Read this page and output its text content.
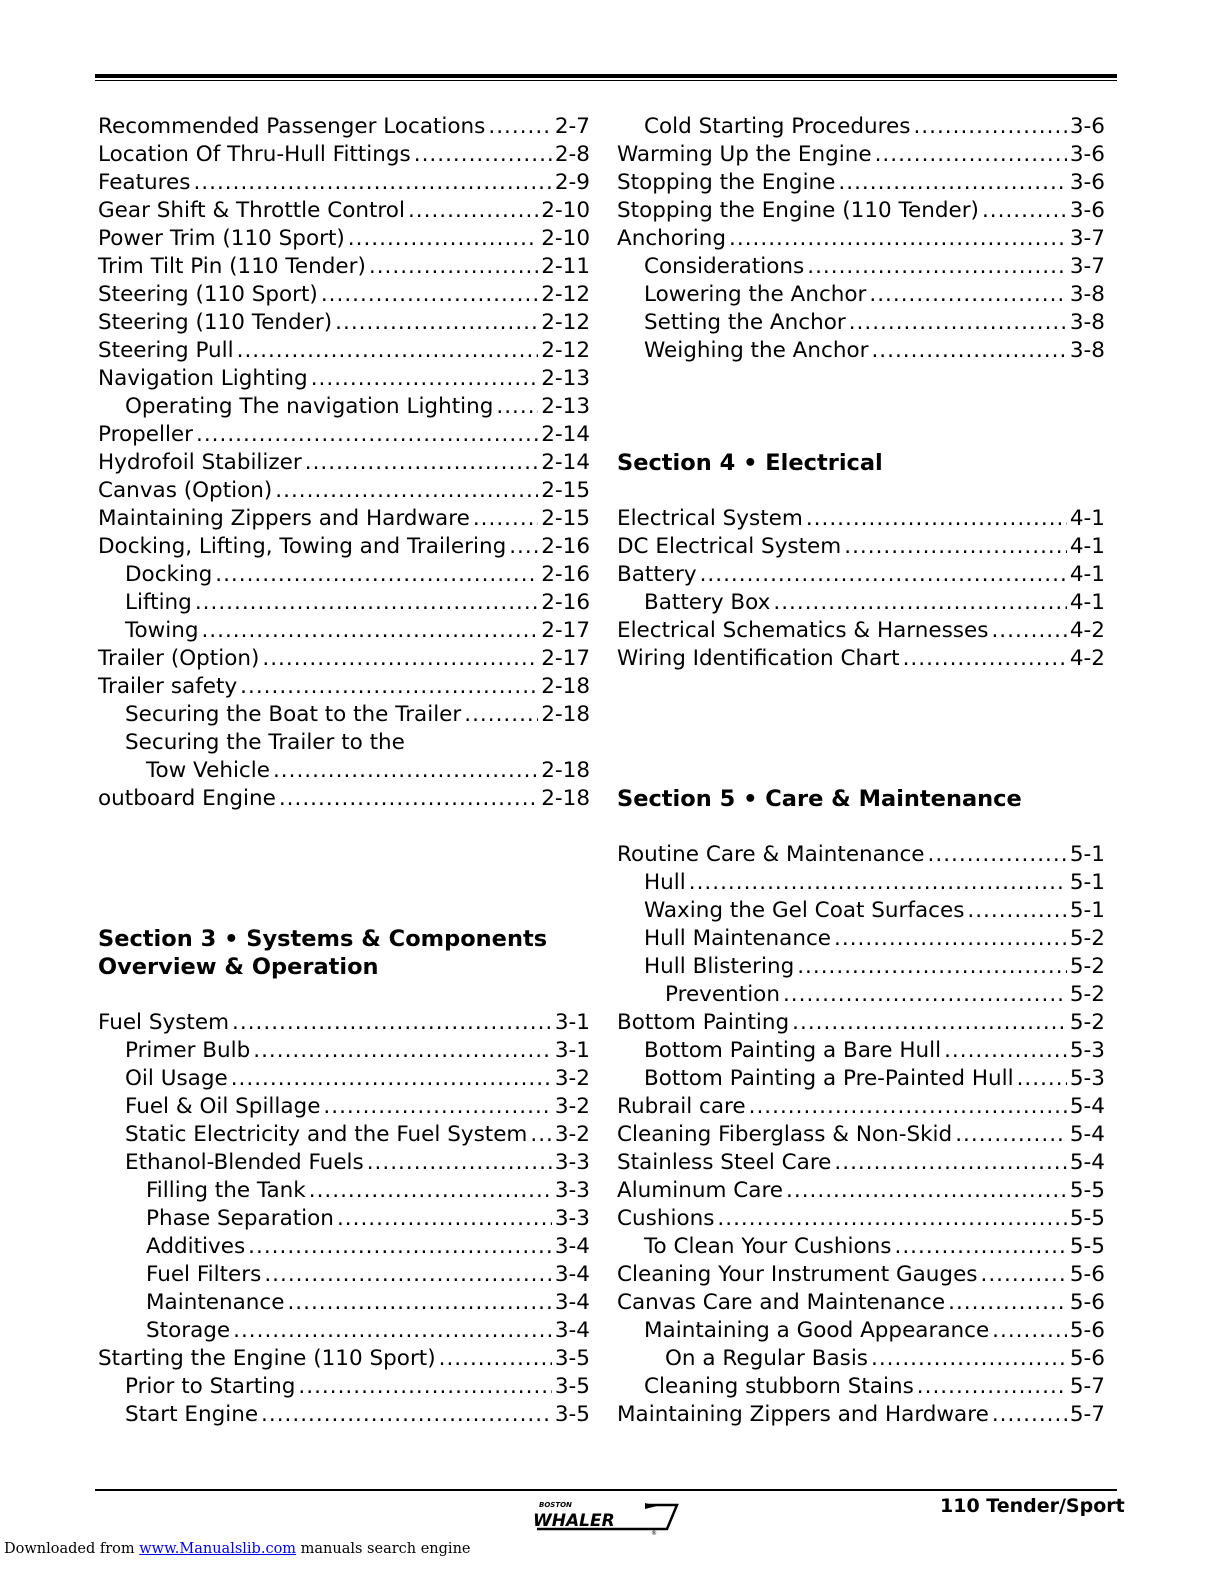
Recommended Passenger Locations .....	2-7
Location Of Thru-Hull Fittings .....	2-8
Features .....	2-9
Gear Shift & Throttle Control .....	2-10
Power Trim (110 Sport) .....	2-10
Trim Tilt Pin (110 Tender) .....	2-11
Steering (110 Sport) .....	2-12
Steering (110 Tender) .....	2-12
Steering Pull .....	2-12
Navigation Lighting .....	2-13
Operating The navigation Lighting ..... 2-13
Propeller .....	2-14
Hydrofoil Stabilizer .....	2-14
Canvas (Option) .....	2-15
Maintaining Zippers and Hardware .....	2-15
Docking, Lifting, Towing and Trailering ..... 2-16
Docking .....	2-16
Lifting .....	2-16
Towing .....	2-17
Trailer (Option) .....	2-17
Trailer safety .....	2-18
Securing the Boat to the Trailer .....	2-18
Securing the Trailer to the
Tow Vehicle .....	2-18
outboard Engine .....	2-18
Section 3 • Systems & Components
Overview & Operation
Fuel System .....	3-1
Primer Bulb .....	3-1
Oil Usage .....	3-2
Fuel & Oil Spillage .....	3-2
Static Electricity and the Fuel System ..... 3-2
Ethanol-Blended Fuels .....	3-3
Filling the Tank .....	3-3
Phase Separation .....	3-3
Additives .....	3-4
Fuel Filters .....	3-4
Maintenance .....	3-4
Storage .....	3-4
Starting the Engine (110 Sport) .....	3-5
Prior to Starting .....	3-5
Start Engine .....	3-5
Cold Starting Procedures .....	3-6
Warming Up the Engine .....	3-6
Stopping the Engine .....	3-6
Stopping the Engine (110 Tender) .....	3-6
Anchoring .....	3-7
Considerations .....	3-7
Lowering the Anchor .....	3-8
Setting the Anchor .....	3-8
Weighing the Anchor .....	3-8
Section 4 • Electrical
Electrical System .....	4-1
DC Electrical System .....	4-1
Battery .....	4-1
Battery Box .....	4-1
Electrical Schematics & Harnesses .....	4-2
Wiring Identification Chart .....	4-2
Section 5 • Care & Maintenance
Routine Care & Maintenance .....	5-1
Hull .....	5-1
Waxing the Gel Coat Surfaces .....	5-1
Hull Maintenance .....	5-2
Hull Blistering .....	5-2
Prevention .....	5-2
Bottom Painting .....	5-2
Bottom Painting a Bare Hull .....	5-3
Bottom Painting a Pre-Painted Hull .....	5-3
Rubrail care .....	5-4
Cleaning Fiberglass & Non-Skid .....	5-4
Stainless Steel Care .....	5-4
Aluminum Care .....	5-5
Cushions .....	5-5
To Clean Your Cushions .....	5-5
Cleaning Your Instrument Gauges .....	5-6
Canvas Care and Maintenance .....	5-6
Maintaining a Good Appearance .....	5-6
On a Regular Basis .....	5-6
Cleaning stubborn Stains .....	5-7
Maintaining Zippers and Hardware .....	5-7
BOSTON
WHALER
®
110 Tender/Sport
Downloaded from www.Manualslib.com manuals search engine
